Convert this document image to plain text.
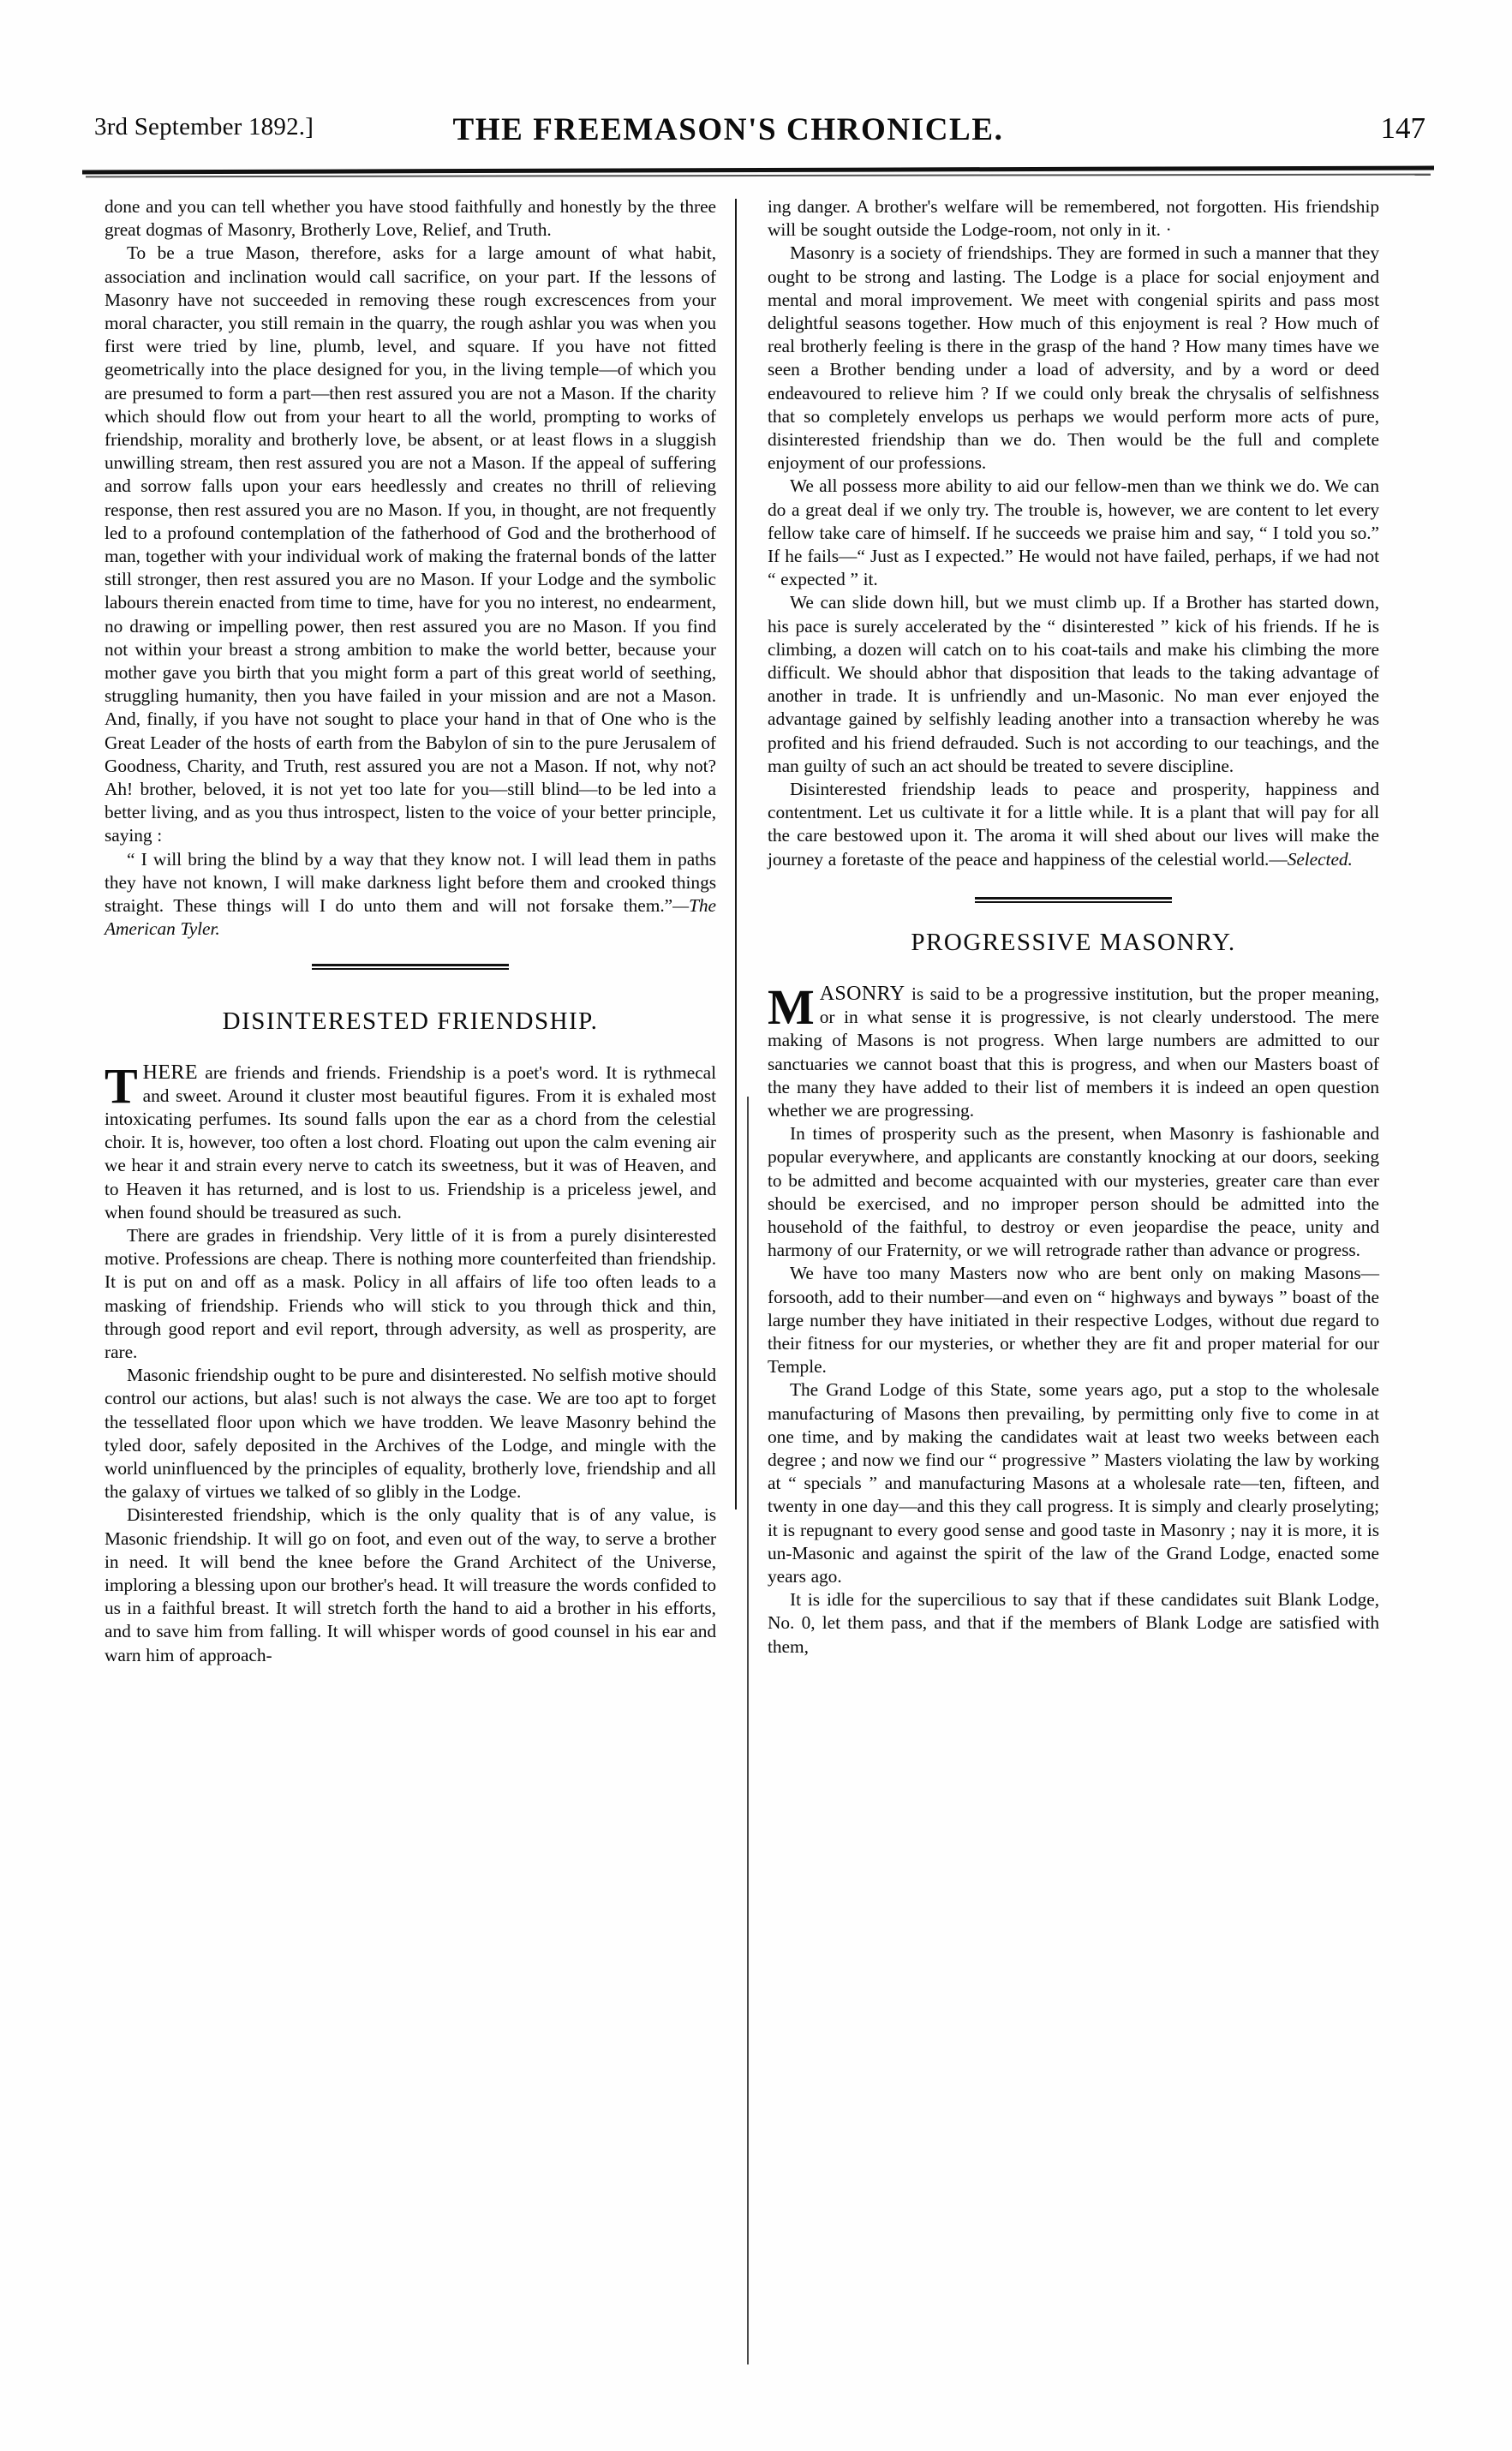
3rd September 1892.]	THE FREEMASON'S CHRONICLE.	147

done and you can tell whether you have stood faithfully and honestly by the three great dogmas of Masonry, Brotherly Love, Relief, and Truth.

To be a true Mason, therefore, asks for a large amount of what habit, association and inclination would call sacrifice, on your part. If the lessons of Masonry have not succeeded in removing these rough excrescences from your moral character, you still remain in the quarry, the rough ashlar you was when you first were tried by line, plumb, level, and square. If you have not fitted geometrically into the place designed for you, in the living temple—of which you are presumed to form a part—then rest assured you are not a Mason. If the charity which should flow out from your heart to all the world, prompting to works of friendship, morality and brotherly love, be absent, or at least flows in a sluggish unwilling stream, then rest assured you are not a Mason. If the appeal of suffering and sorrow falls upon your ears heedlessly and creates no thrill of relieving response, then rest assured you are no Mason. If you, in thought, are not frequently led to a profound contemplation of the fatherhood of God and the brotherhood of man, together with your individual work of making the fraternal bonds of the latter still stronger, then rest assured you are no Mason. If your Lodge and the symbolic labours therein enacted from time to time, have for you no interest, no endearment, no drawing or impelling power, then rest assured you are no Mason. If you find not within your breast a strong ambition to make the world better, because your mother gave you birth that you might form a part of this great world of seething, struggling humanity, then you have failed in your mission and are not a Mason. And, finally, if you have not sought to place your hand in that of One who is the Great Leader of the hosts of earth from the Babylon of sin to the pure Jerusalem of Goodness, Charity, and Truth, rest assured you are not a Mason. If not, why not? Ah! brother, beloved, it is not yet too late for you—still blind—to be led into a better living, and as you thus introspect, listen to the voice of your better principle, saying :

“ I will bring the blind by a way that they know not. I will lead them in paths they have not known, I will make darkness light before them and crooked things straight. These things will I do unto them and will not forsake them.”—The American Tyler.

DISINTERESTED FRIENDSHIP.

THERE are friends and friends. Friendship is a poet's word. It is rythmecal and sweet. Around it cluster most beautiful figures. From it is exhaled most intoxicating perfumes. Its sound falls upon the ear as a chord from the celestial choir. It is, however, too often a lost chord. Floating out upon the calm evening air we hear it and strain every nerve to catch its sweetness, but it was of Heaven, and to Heaven it has returned, and is lost to us. Friendship is a priceless jewel, and when found should be treasured as such.

There are grades in friendship. Very little of it is from a purely disinterested motive. Professions are cheap. There is nothing more counterfeited than friendship. It is put on and off as a mask. Policy in all affairs of life too often leads to a masking of friendship. Friends who will stick to you through thick and thin, through good report and evil report, through adversity, as well as prosperity, are rare.

Masonic friendship ought to be pure and disinterested. No selfish motive should control our actions, but alas! such is not always the case. We are too apt to forget the tessellated floor upon which we have trodden. We leave Masonry behind the tyled door, safely deposited in the Archives of the Lodge, and mingle with the world uninfluenced by the principles of equality, brotherly love, friendship and all the galaxy of virtues we talked of so glibly in the Lodge.

Disinterested friendship, which is the only quality that is of any value, is Masonic friendship. It will go on foot, and even out of the way, to serve a brother in need. It will bend the knee before the Grand Architect of the Universe, imploring a blessing upon our brother's head. It will treasure the words confided to us in a faithful breast. It will stretch forth the hand to aid a brother in his efforts, and to save him from falling. It will whisper words of good counsel in his ear and warn him of approach-

ing danger. A brother's welfare will be remembered, not forgotten. His friendship will be sought outside the Lodge-room, not only in it. ·

Masonry is a society of friendships. They are formed in such a manner that they ought to be strong and lasting. The Lodge is a place for social enjoyment and mental and moral improvement. We meet with congenial spirits and pass most delightful seasons together. How much of this enjoyment is real ? How much of real brotherly feeling is there in the grasp of the hand ? How many times have we seen a Brother bending under a load of adversity, and by a word or deed endeavoured to relieve him ? If we could only break the chrysalis of selfishness that so completely envelops us perhaps we would perform more acts of pure, disinterested friendship than we do. Then would be the full and complete enjoyment of our professions.

We all possess more ability to aid our fellow-men than we think we do. We can do a great deal if we only try. The trouble is, however, we are content to let every fellow take care of himself. If he succeeds we praise him and say, “ I told you so.” If he fails—“ Just as I expected.” He would not have failed, perhaps, if we had not “ expected ” it.

We can slide down hill, but we must climb up. If a Brother has started down, his pace is surely accelerated by the “ disinterested ” kick of his friends. If he is climbing, a dozen will catch on to his coat-tails and make his climbing the more difficult. We should abhor that disposition that leads to the taking advantage of another in trade. It is unfriendly and un-Masonic. No man ever enjoyed the advantage gained by selfishly leading another into a transaction whereby he was profited and his friend defrauded. Such is not according to our teachings, and the man guilty of such an act should be treated to severe discipline.

Disinterested friendship leads to peace and prosperity, happiness and contentment. Let us cultivate it for a little while. It is a plant that will pay for all the care bestowed upon it. The aroma it will shed about our lives will make the journey a foretaste of the peace and happiness of the celestial world.—Selected.

PROGRESSIVE MASONRY.

MASONRY is said to be a progressive institution, but the proper meaning, or in what sense it is progressive, is not clearly understood. The mere making of Masons is not progress. When large numbers are admitted to our sanctuaries we cannot boast that this is progress, and when our Masters boast of the many they have added to their list of members it is indeed an open question whether we are progressing.

In times of prosperity such as the present, when Masonry is fashionable and popular everywhere, and applicants are constantly knocking at our doors, seeking to be admitted and become acquainted with our mysteries, greater care than ever should be exercised, and no improper person should be admitted into the household of the faithful, to destroy or even jeopardise the peace, unity and harmony of our Fraternity, or we will retrograde rather than advance or progress.

We have too many Masters now who are bent only on making Masons—forsooth, add to their number—and even on “ highways and byways ” boast of the large number they have initiated in their respective Lodges, without due regard to their fitness for our mysteries, or whether they are fit and proper material for our Temple.

The Grand Lodge of this State, some years ago, put a stop to the wholesale manufacturing of Masons then prevailing, by permitting only five to come in at one time, and by making the candidates wait at least two weeks between each degree ; and now we find our “ progressive ” Masters violating the law by working at “ specials ” and manufacturing Masons at a wholesale rate—ten, fifteen, and twenty in one day—and this they call progress. It is simply and clearly proselyting; it is repugnant to every good sense and good taste in Masonry ; nay it is more, it is un-Masonic and against the spirit of the law of the Grand Lodge, enacted some years ago.

It is idle for the supercilious to say that if these candidates suit Blank Lodge, No. 0, let them pass, and that if the members of Blank Lodge are satisfied with them,
